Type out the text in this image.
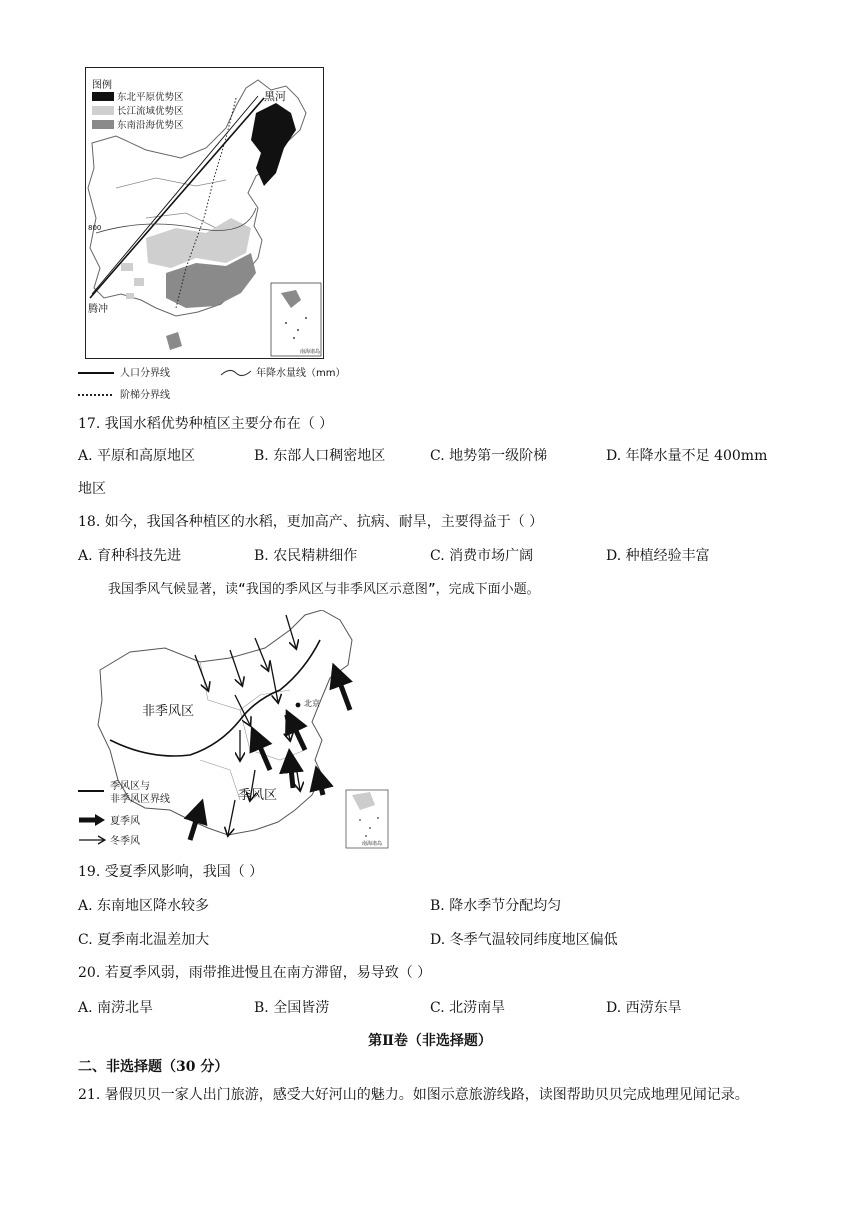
图例
东北平原优势区
长江流域优势区
东南沿海优势区
黑河
腾冲
800
南海诸岛
人口分界线	年降水量线（mm）
阶梯分界线
17. 我国水稻优势种植区主要分布在（ ）
A. 平原和高原地区	B. 东部人口稠密地区	C. 地势第一级阶梯	D. 年降水量不足 400mm
地区
18. 如今，我国各种植区的水稻，更加高产、抗病、耐旱，主要得益于（ ）
A. 育种科技先进	B. 农民精耕细作	C. 消费市场广阔	D. 种植经验丰富
我国季风气候显著，读“我国的季风区与非季风区示意图”，完成下面小题。
非季风区
季风区
北京
南海诸岛
季风区与
非季风区界线
夏季风
冬季风
19. 受夏季风影响，我国（ ）
A. 东南地区降水较多	B. 降水季节分配均匀
C. 夏季南北温差加大	D. 冬季气温较同纬度地区偏低
20. 若夏季风弱，雨带推进慢且在南方滞留，易导致（ ）
A. 南涝北旱	B. 全国皆涝	C. 北涝南旱	D. 西涝东旱
第Ⅱ卷（非选择题）
二、非选择题（30 分）
21. 暑假贝贝一家人出门旅游，感受大好河山的魅力。如图示意旅游线路，读图帮助贝贝完成地理见闻记录。
